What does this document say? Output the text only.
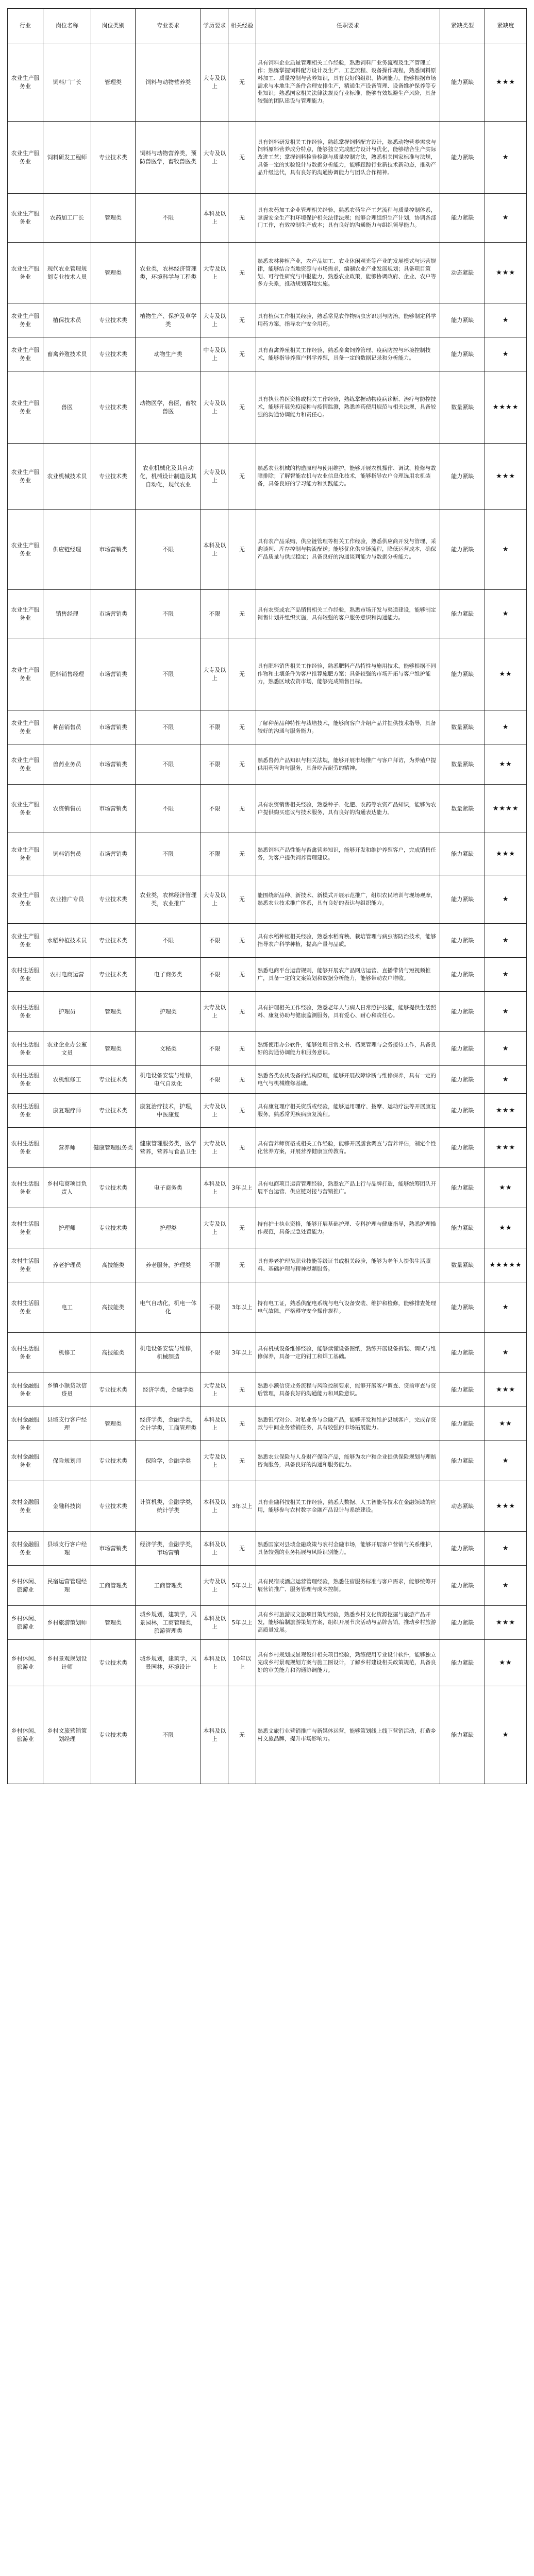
行业	岗位名称	岗位类别	专业要求	学历要求	相关经验	任职要求	紧缺类型	紧缺度
农业生产服务业	饲料厂厂长	管理类	饲料与动物营养类	大专及以上	无	具有饲料企业质量管理相关工作经验，熟悉饲料厂业务流程及生产管理工作；熟练掌握饲料配方设计及生产、工艺流程、设备操作规程，熟悉饲料原料加工、质量控制与营养知识，具有良好的组织、协调能力，能够根据市场需求与本地生产条件合理安排生产，精通生产设备管理、设备维护保养等专业知识；熟悉国家相关法律法规及行业标准，能够有效规避生产风险，具备较强的团队建设与管理能力。	能力紧缺	★★★
农业生产服务业	饲料研发工程师	专业技术类	饲料与动物营养类，预防兽医学，畜牧兽医类	大专及以上	无	具有饲料研发相关工作经验，熟练掌握饲料配方设计，熟悉动物营养需求与饲料原料营养成分特点，能够独立完成配方设计与优化，能够结合生产实际改进工艺；掌握饲料检验检测与质量控制方法，熟悉相关国家标准与法规，具备一定的实验设计与数据分析能力，能够跟踪行业新技术新动态，推动产品升级迭代，具有良好的沟通协调能力与团队合作精神。	能力紧缺	★
农业生产服务业	农药加工厂长	管理类	不限	本科及以上	无	具有农药加工企业管理相关经验，熟悉农药生产工艺流程与质量控制体系，掌握安全生产和环境保护相关法律法规；能够合理组织生产计划，协调各部门工作，有效控制生产成本；具有良好的沟通能力与组织领导能力。	能力紧缺	★
农业生产服务业	现代农业管理规划专业技术人员	管理类	农业类，农林经济管理类，环境科学与工程类	大专及以上	无	熟悉农林种植产业，农产品加工、农业休闲观光等产业的发展模式与运营规律，能够结合当地资源与市场需求，编制农业产业发展规划；具备项目策划、可行性研究与申报能力，熟悉农业政策，能够协调政府、企业、农户等多方关系，推动规划落地实施。	动态紧缺	★★★
农业生产服务业	植保技术员	专业技术类	植物生产、保护及草学类	大专及以上	无	具有植保工作相关经验，熟悉常见农作物病虫害识别与防治，能够制定科学用药方案，指导农户安全用药。	能力紧缺	★
农业生产服务业	畜禽养殖技术员	专业技术类	动物生产类	中专及以上	无	具有畜禽养殖相关工作经验，熟悉畜禽饲养管理、疫病防控与环境控制技术，能够指导养殖户科学养殖，具备一定的数据记录和分析能力。	能力紧缺	★
农业生产服务业	兽医	专业技术类	动物医学，兽医，畜牧兽医	大专及以上	无	具有执业兽医资格或相关工作经验，熟练掌握动物疫病诊断、治疗与防控技术，能够开展免疫接种与疫情监测，熟悉兽药使用规范与相关法规，具备较强的沟通协调能力和责任心。	数量紧缺	★★★★
农业生产服务业	农业机械技术员	专业技术类	农业机械化及其自动化，机械设计制造及其自动化，现代农业	大专及以上	无	熟悉农业机械的构造原理与使用维护，能够开展农机操作、调试、检修与故障排除；了解智能农机与农业信息化技术，能够指导农户合理选用农机装备，具备良好的学习能力和实践能力。	能力紧缺	★★★
农业生产服务业	供应链经理	市场营销类	不限	本科及以上	无	具有农产品采购、供应链管理等相关工作经验，熟悉供应商开发与管理、采购谈判、库存控制与物流配送；能够优化供应链流程，降低运营成本，确保产品质量与供应稳定；具备良好的沟通谈判能力与数据分析能力。	能力紧缺	★
农业生产服务业	销售经理	市场营销类	不限	不限	无	具有农资或农产品销售相关工作经验，熟悉市场开发与渠道建设，能够制定销售计划并组织实施，具有较强的客户服务意识和沟通能力。	能力紧缺	★
农业生产服务业	肥料销售经理	市场营销类	不限	大专及以上	无	具有肥料销售相关工作经验，熟悉肥料产品特性与施用技术，能够根据不同作物和土壤条件为客户推荐施肥方案；具备较强的市场开拓与客户维护能力，熟悉区域农资市场，能够完成销售目标。	能力紧缺	★★
农业生产服务业	种苗销售员	市场营销类	不限	不限	无	了解种苗品种特性与栽培技术，能够向客户介绍产品并提供技术指导，具备较好的沟通与服务能力。	数量紧缺	★
农业生产服务业	兽药业务员	市场营销类	不限	不限	无	熟悉兽药产品知识与相关法规，能够开展市场推广与客户拜访，为养殖户提供用药咨询与服务，具备吃苦耐劳的精神。	数量紧缺	★★
农业生产服务业	农资销售员	市场营销类	不限	不限	无	具有农资销售相关经验，熟悉种子、化肥、农药等农资产品知识，能够为农户提供购买建议与技术服务，具有良好的沟通表达能力。	数量紧缺	★★★★
农业生产服务业	饲料销售员	市场营销类	不限	不限	无	熟悉饲料产品性能与畜禽营养知识，能够开发和维护养殖客户，完成销售任务，为客户提供饲养管理建议。	能力紧缺	★★★
农业生产服务业	农业推广专员	专业技术类	农业类，农林经济管理类，农业推广	大专及以上	无	能围绕新品种、新技术、新模式开展示范推广，组织农民培训与现场观摩，熟悉农业技术推广体系，具有良好的表达与组织能力。	能力紧缺	★
农业生产服务业	水稻种植技术员	专业技术类	不限	不限	无	具有水稻种植相关经验，熟悉水稻育秧、栽培管理与病虫害防治技术，能够指导农户科学种植，提高产量与品质。	能力紧缺	★
农村生活服务业	农村电商运营	专业技术类	电子商务类	不限	无	熟悉电商平台运营规则，能够开展农产品网店运营、直播带货与短视频推广，具备一定的文案策划和数据分析能力，能够带动农户增收。	能力紧缺	★
农村生活服务业	护理员	管理类	护理类	大专及以上	无	具有护理相关工作经验，熟悉老年人与病人日常照护技能，能够提供生活照料、康复协助与健康监测服务，具有爱心、耐心和责任心。	能力紧缺	★
农村生活服务业	农业企业办公室文员	管理类	文秘类	不限	无	熟练使用办公软件，能够处理日常文书、档案管理与会务接待工作，具备良好的沟通协调能力和服务意识。	能力紧缺	★
农村生活服务业	农机维修工	专业技术类	机电设备安装与维修，电气自动化	不限	无	熟悉各类农机设备的结构原理，能够开展故障诊断与维修保养，具有一定的电气与机械维修基础。	能力紧缺	★
农村生活服务业	康复理疗师	专业技术类	康复治疗技术，护理，中医康复	大专及以上	无	具有康复理疗相关资质或经验，能够运用理疗、按摩、运动疗法等开展康复服务，熟悉常见疾病康复流程。	能力紧缺	★★★
农村生活服务业	营养师	健康管理服务类	健康管理服务类，医学营养，营养与食品卫生	大专及以上	无	具有营养师资格或相关工作经验，能够开展膳食调查与营养评估，制定个性化营养方案，开展营养健康宣传教育。	能力紧缺	★★★
农村生活服务业	乡村电商项目负责人	专业技术类	电子商务类	本科及以上	3年以上	具有电商项目运营管理经验，熟悉农产品上行与品牌打造，能够统筹团队开展平台运营、供应链对接与营销推广。	能力紧缺	★★
农村生活服务业	护理师	专业技术类	护理类	大专及以上	无	持有护士执业资格，能够开展基础护理、专科护理与健康指导，熟悉护理操作规范，具备应急处置能力。	能力紧缺	★★
农村生活服务业	养老护理员	高技能类	养老服务，护理类	不限	无	具有养老护理员职业技能等级证书或相关经验，能够为老年人提供生活照料、基础护理与精神慰藉服务。	数量紧缺	★★★★★
农村生活服务业	电工	高技能类	电气自动化，机电一体化	不限	3年以上	持有电工证，熟悉供配电系统与电气设备安装、维护和检修，能够排查处理电气故障，严格遵守安全操作规程。	能力紧缺	★
农村生活服务业	机修工	高技能类	机电设备安装与维修，机械制造	不限	3年以上	具有机械设备维修经验，能够读懂设备图纸，熟练开展设备拆装、调试与维修保养，具备一定的钳工和焊工基础。	能力紧缺	★
农村金融服务业	乡镇小额贷款信贷员	专业技术类	经济学类，金融学类	大专及以上	无	熟悉小额信贷业务流程与风险控制要求，能够开展客户调查、贷前审查与贷后管理，具备良好的沟通能力和风险意识。	能力紧缺	★★★
农村金融服务业	县域支行客户经理	管理类	经济学类，金融学类，会计学类，工商管理类	本科及以上	无	熟悉银行对公、对私业务与金融产品，能够开发和维护县域客户，完成存贷款与中间业务营销任务，具有较强的市场拓展能力。	能力紧缺	★★
农村金融服务业	保险规划师	专业技术类	保险学，金融学类	大专及以上	无	熟悉农业保险与人身财产保险产品，能够为农户和企业提供保险规划与理赔咨询服务，具备良好的沟通和服务能力。	能力紧缺	★
农村金融服务业	金融科技岗	专业技术类	计算机类，金融学类，统计学类	本科及以上	3年以上	具有金融科技相关工作经验，熟悉大数据、人工智能等技术在金融领域的应用，能够参与农村数字金融产品设计与系统建设。	动态紧缺	★★★
农村金融服务业	县域支行客户经理	市场营销类	经济学类，金融学类，市场营销	本科及以上	无	熟悉国家对县域金融政策与农村金融市场，能够开展客户营销与关系维护，具备较强的业务拓展与风险识别能力。	能力紧缺	★
乡村休闲、旅游业	民宿运营管理经理	工商管理类	工商管理类	大专及以上	5年以上	具有民宿或酒店运营管理经验，熟悉住宿服务标准与客户需求，能够统筹开展营销推广、服务管理与成本控制。	能力紧缺	★
乡村休闲、旅游业	乡村旅游策划师	管理类	城乡规划，建筑学，风景园林，工商管理类，旅游管理类	本科及以上	5年以上	具有乡村旅游或文旅项目策划经验，熟悉乡村文化资源挖掘与旅游产品开发，能够编制旅游策划方案，组织开展节庆活动与品牌营销，推动乡村旅游高质量发展。	能力紧缺	★★★
乡村休闲、旅游业	乡村景观规划设计师	专业技术类	城乡规划，建筑学，风景园林，环境设计	本科及以上	10年以上	具有乡村规划或景观设计相关项目经验，熟练使用专业设计软件，能够独立完成乡村景观规划方案与施工图设计，了解乡村建设相关政策规范，具备良好的审美能力和沟通协调能力。	能力紧缺	★★
乡村休闲、旅游业	乡村文旅营销策划经理	专业技术类	不限	本科及以上	无	熟悉文旅行业营销推广与新媒体运营，能够策划线上线下营销活动，打造乡村文旅品牌，提升市场影响力。	能力紧缺	★
